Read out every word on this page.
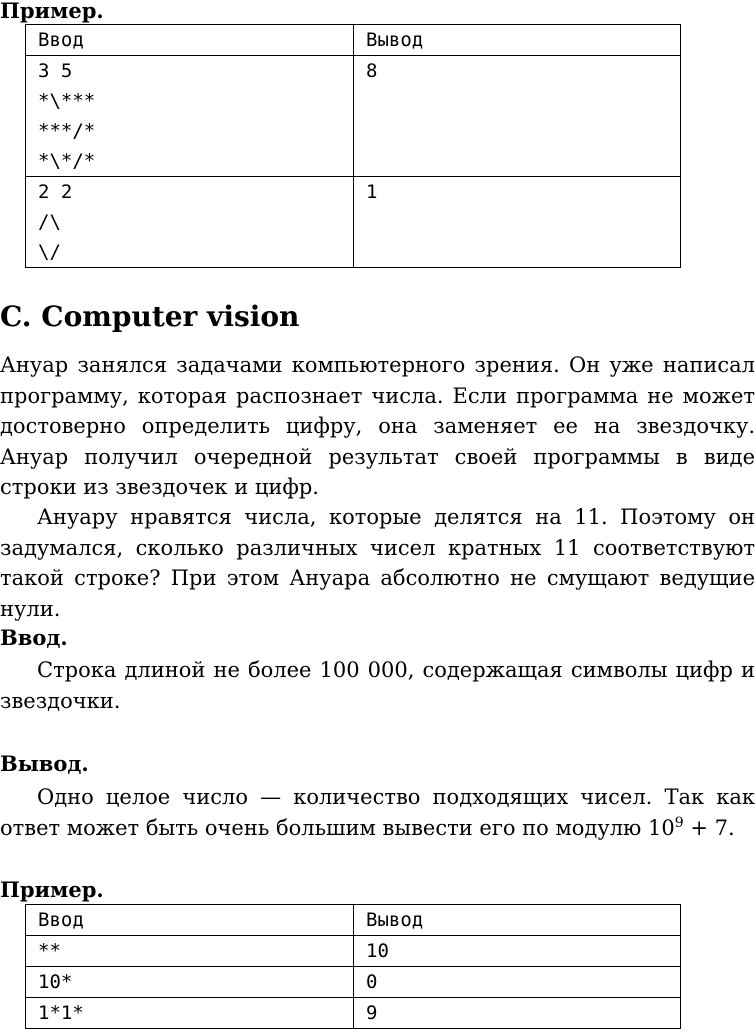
Пример.
Ввод	Вывод

3 5
*\***
***/*
*\*/*	8

2 2
/\
\/	1
C. Computer vision
Ануар занялся задачами компьютерного зрения. Он уже написал программу, которая распознает числа. Если программа не может достоверно определить цифру, она заменяет ее на звездочку. Ануар получил очередной результат своей программы в виде строки из звездочек и цифр.
Ануару нравятся числа, которые делятся на 11. Поэтому он задумался, сколько различных чисел кратных 11 соответствуют такой строке? При этом Ануара абсолютно не смущают ведущие нули.
Ввод.
Строка длиной не более 100 000, содержащая символы цифр и звездочки.
Вывод.
Одно целое число — количество подходящих чисел. Так как ответ может быть очень большим вывести его по модулю $10^9 + 7$.
Пример.
Ввод	Вывод
**	10
10*	0
1*1*	9
